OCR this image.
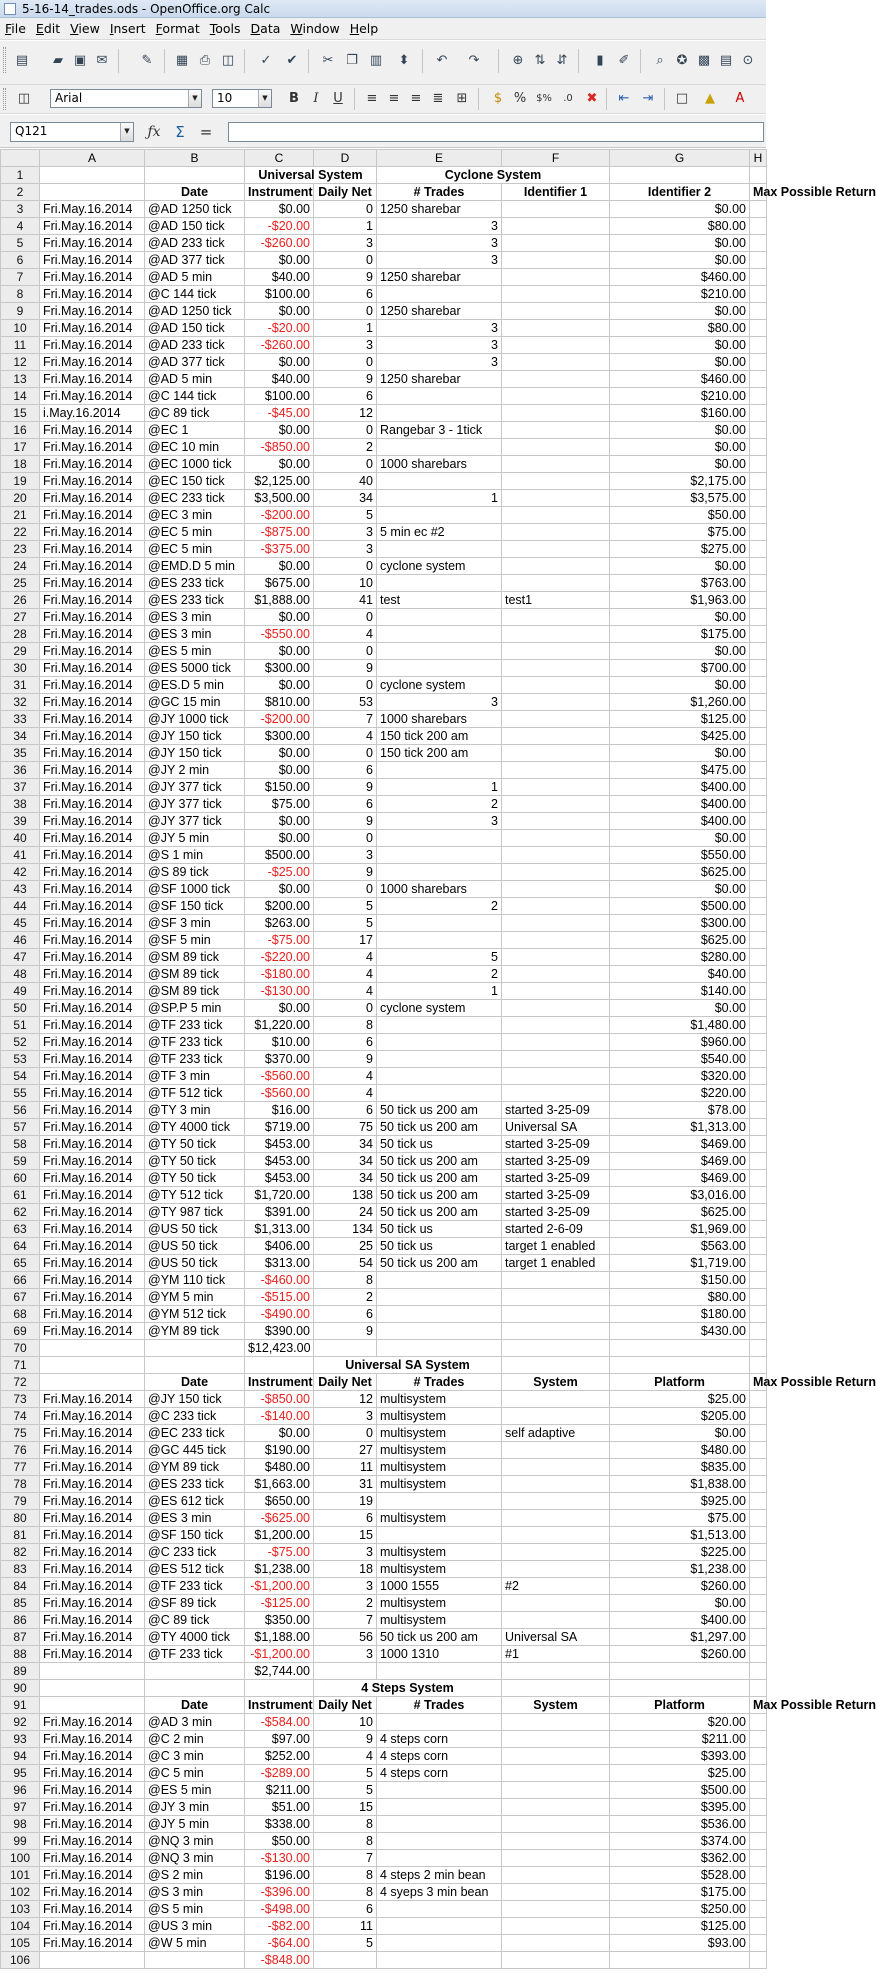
5-16-14_trades.ods - OpenOffice.org Calc
File Edit View Insert Format Tools Data Window Help
▤	▰ ▣ ✉	✎	▦ ⎙ ◫	✓	✔	✂ ❐ ▥	⬍	↶	↷	⊕ ⇅ ⇵	▮	✐	⌕ ✪ ▩ ▤ ⊙
◫	Arial	▼	10	▼	B	I	U	≡ ≡ ≡ ≣	⊞	$ % $%	.0	✖	⇤	⇥	□	▲	A
Q121	▼ ƒx Σ =
	A	B	C	D	E	F	G	H
1			Universal System		Cyclone System			
2		Date	Instrument	Daily Net	# Trades	Identifier 1	Identifier 2	Max Possible Return
3	Fri.May.16.2014	@AD 1250 tick	$0.00	0	1250 sharebar		$0.00	
4	Fri.May.16.2014	@AD 150 tick	-$20.00	1	3		$80.00	
5	Fri.May.16.2014	@AD 233 tick	-$260.00	3	3		$0.00	
6	Fri.May.16.2014	@AD 377 tick	$0.00	0	3		$0.00	
7	Fri.May.16.2014	@AD 5 min	$40.00	9	1250 sharebar		$460.00	
8	Fri.May.16.2014	@C 144 tick	$100.00	6			$210.00	
9	Fri.May.16.2014	@AD 1250 tick	$0.00	0	1250 sharebar		$0.00	
10	Fri.May.16.2014	@AD 150 tick	-$20.00	1	3		$80.00	
11	Fri.May.16.2014	@AD 233 tick	-$260.00	3	3		$0.00	
12	Fri.May.16.2014	@AD 377 tick	$0.00	0	3		$0.00	
13	Fri.May.16.2014	@AD 5 min	$40.00	9	1250 sharebar		$460.00	
14	Fri.May.16.2014	@C 144 tick	$100.00	6			$210.00	
15	i.May.16.2014	@C 89 tick	-$45.00	12			$160.00	
16	Fri.May.16.2014	@EC 1	$0.00	0	Rangebar 3 - 1tick		$0.00	
17	Fri.May.16.2014	@EC 10 min	-$850.00	2			$0.00	
18	Fri.May.16.2014	@EC 1000 tick	$0.00	0	1000 sharebars		$0.00	
19	Fri.May.16.2014	@EC 150 tick	$2,125.00	40			$2,175.00	
20	Fri.May.16.2014	@EC 233 tick	$3,500.00	34	1		$3,575.00	
21	Fri.May.16.2014	@EC 3 min	-$200.00	5			$50.00	
22	Fri.May.16.2014	@EC 5 min	-$875.00	3	5 min ec #2		$75.00	
23	Fri.May.16.2014	@EC 5 min	-$375.00	3			$275.00	
24	Fri.May.16.2014	@EMD.D 5 min	$0.00	0	cyclone system		$0.00	
25	Fri.May.16.2014	@ES 233 tick	$675.00	10			$763.00	
26	Fri.May.16.2014	@ES 233 tick	$1,888.00	41	test	test1	$1,963.00	
27	Fri.May.16.2014	@ES 3 min	$0.00	0			$0.00	
28	Fri.May.16.2014	@ES 3 min	-$550.00	4			$175.00	
29	Fri.May.16.2014	@ES 5 min	$0.00	0			$0.00	
30	Fri.May.16.2014	@ES 5000 tick	$300.00	9			$700.00	
31	Fri.May.16.2014	@ES.D 5 min	$0.00	0	cyclone system		$0.00	
32	Fri.May.16.2014	@GC 15 min	$810.00	53	3		$1,260.00	
33	Fri.May.16.2014	@JY 1000 tick	-$200.00	7	1000 sharebars		$125.00	
34	Fri.May.16.2014	@JY 150 tick	$300.00	4	150 tick 200 am		$425.00	
35	Fri.May.16.2014	@JY 150 tick	$0.00	0	150 tick 200 am		$0.00	
36	Fri.May.16.2014	@JY 2 min	$0.00	6			$475.00	
37	Fri.May.16.2014	@JY 377 tick	$150.00	9	1		$400.00	
38	Fri.May.16.2014	@JY 377 tick	$75.00	6	2		$400.00	
39	Fri.May.16.2014	@JY 377 tick	$0.00	9	3		$400.00	
40	Fri.May.16.2014	@JY 5 min	$0.00	0			$0.00	
41	Fri.May.16.2014	@S 1 min	$500.00	3			$550.00	
42	Fri.May.16.2014	@S 89 tick	-$25.00	9			$625.00	
43	Fri.May.16.2014	@SF 1000 tick	$0.00	0	1000 sharebars		$0.00	
44	Fri.May.16.2014	@SF 150 tick	$200.00	5	2		$500.00	
45	Fri.May.16.2014	@SF 3 min	$263.00	5			$300.00	
46	Fri.May.16.2014	@SF 5 min	-$75.00	17			$625.00	
47	Fri.May.16.2014	@SM 89 tick	-$220.00	4	5		$280.00	
48	Fri.May.16.2014	@SM 89 tick	-$180.00	4	2		$40.00	
49	Fri.May.16.2014	@SM 89 tick	-$130.00	4	1		$140.00	
50	Fri.May.16.2014	@SP.P 5 min	$0.00	0	cyclone system		$0.00	
51	Fri.May.16.2014	@TF 233 tick	$1,220.00	8			$1,480.00	
52	Fri.May.16.2014	@TF 233 tick	$10.00	6			$960.00	
53	Fri.May.16.2014	@TF 233 tick	$370.00	9			$540.00	
54	Fri.May.16.2014	@TF 3 min	-$560.00	4			$320.00	
55	Fri.May.16.2014	@TF 512 tick	-$560.00	4			$220.00	
56	Fri.May.16.2014	@TY 3 min	$16.00	6	50 tick us 200 am	started 3-25-09	$78.00	
57	Fri.May.16.2014	@TY 4000 tick	$719.00	75	50 tick us 200 am	Universal SA	$1,313.00	
58	Fri.May.16.2014	@TY 50 tick	$453.00	34	50 tick us	started 3-25-09	$469.00	
59	Fri.May.16.2014	@TY 50 tick	$453.00	34	50 tick us 200 am	started 3-25-09	$469.00	
60	Fri.May.16.2014	@TY 50 tick	$453.00	34	50 tick us 200 am	started 3-25-09	$469.00	
61	Fri.May.16.2014	@TY 512 tick	$1,720.00	138	50 tick us 200 am	started 3-25-09	$3,016.00	
62	Fri.May.16.2014	@TY 987 tick	$391.00	24	50 tick us 200 am	started 3-25-09	$625.00	
63	Fri.May.16.2014	@US 50 tick	$1,313.00	134	50 tick us	started 2-6-09	$1,969.00	
64	Fri.May.16.2014	@US 50 tick	$406.00	25	50 tick us	target 1 enabled	$563.00	
65	Fri.May.16.2014	@US 50 tick	$313.00	54	50 tick us 200 am	target 1 enabled	$1,719.00	
66	Fri.May.16.2014	@YM 110 tick	-$460.00	8			$150.00	
67	Fri.May.16.2014	@YM 5 min	-$515.00	2			$80.00	
68	Fri.May.16.2014	@YM 512 tick	-$490.00	6			$180.00	
69	Fri.May.16.2014	@YM 89 tick	$390.00	9			$430.00	
70			$12,423.00					
71				Universal SA System				
72		Date	Instrument	Daily Net	# Trades	System	Platform	Max Possible Return
73	Fri.May.16.2014	@JY 150 tick	-$850.00	12	multisystem		$25.00	
74	Fri.May.16.2014	@C 233 tick	-$140.00	3	multisystem		$205.00	
75	Fri.May.16.2014	@EC 233 tick	$0.00	0	multisystem	self adaptive	$0.00	
76	Fri.May.16.2014	@GC 445 tick	$190.00	27	multisystem		$480.00	
77	Fri.May.16.2014	@YM 89 tick	$480.00	11	multisystem		$835.00	
78	Fri.May.16.2014	@ES 233 tick	$1,663.00	31	multisystem		$1,838.00	
79	Fri.May.16.2014	@ES 612 tick	$650.00	19			$925.00	
80	Fri.May.16.2014	@ES 3 min	-$625.00	6	multisystem		$75.00	
81	Fri.May.16.2014	@SF 150 tick	$1,200.00	15			$1,513.00	
82	Fri.May.16.2014	@C 233 tick	-$75.00	3	multisystem		$225.00	
83	Fri.May.16.2014	@ES 512 tick	$1,238.00	18	multisystem		$1,238.00	
84	Fri.May.16.2014	@TF 233 tick	-$1,200.00	3	1000 1555	#2	$260.00	
85	Fri.May.16.2014	@SF 89 tick	-$125.00	2	multisystem		$0.00	
86	Fri.May.16.2014	@C 89 tick	$350.00	7	multisystem		$400.00	
87	Fri.May.16.2014	@TY 4000 tick	$1,188.00	56	50 tick us 200 am	Universal SA	$1,297.00	
88	Fri.May.16.2014	@TF 233 tick	-$1,200.00	3	1000 1310	#1	$260.00	
89			$2,744.00					
90				4 Steps System				
91		Date	Instrument	Daily Net	# Trades	System	Platform	Max Possible Return
92	Fri.May.16.2014	@AD 3 min	-$584.00	10			$20.00	
93	Fri.May.16.2014	@C 2 min	$97.00	9	4 steps corn		$211.00	
94	Fri.May.16.2014	@C 3 min	$252.00	4	4 steps corn		$393.00	
95	Fri.May.16.2014	@C 5 min	-$289.00	5	4 steps corn		$25.00	
96	Fri.May.16.2014	@ES 5 min	$211.00	5			$500.00	
97	Fri.May.16.2014	@JY 3 min	$51.00	15			$395.00	
98	Fri.May.16.2014	@JY 5 min	$338.00	8			$536.00	
99	Fri.May.16.2014	@NQ 3 min	$50.00	8			$374.00	
100	Fri.May.16.2014	@NQ 3 min	-$130.00	7			$362.00	
101	Fri.May.16.2014	@S 2 min	$196.00	8	4 steps 2 min bean		$528.00	
102	Fri.May.16.2014	@S 3 min	-$396.00	8	4 syeps 3 min bean		$175.00	
103	Fri.May.16.2014	@S 5 min	-$498.00	6			$250.00	
104	Fri.May.16.2014	@US 3 min	-$82.00	11			$125.00	
105	Fri.May.16.2014	@W 5 min	-$64.00	5			$93.00	
106			-$848.00					
